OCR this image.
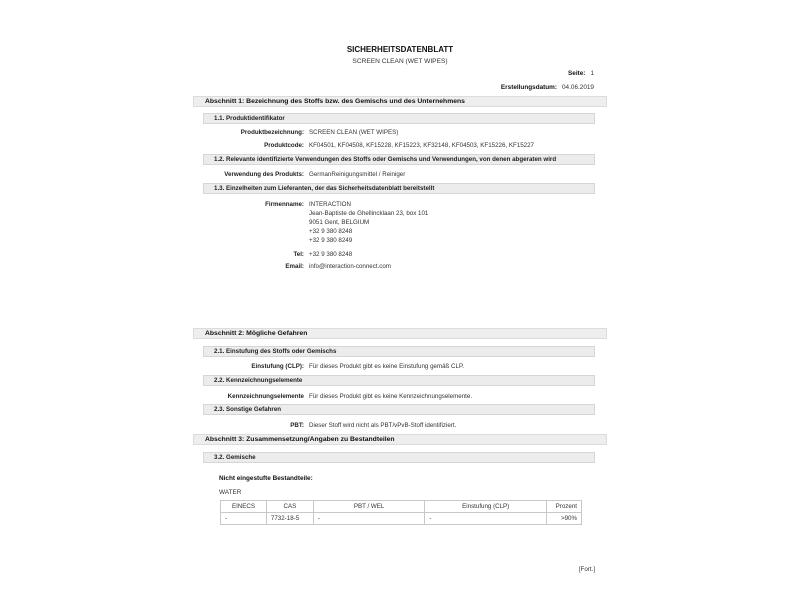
SICHERHEITSDATENBLATT
SCREEN CLEAN (WET WIPES)
Seite: 1
Erstellungsdatum: 04.06.2019
Abschnitt 1: Bezeichnung des Stoffs bzw. des Gemischs und des Unternehmens
1.1. Produktidentifikator
Produktbezeichnung: SCREEN CLEAN (WET WIPES)
Produktcode: KF04501, KF04508, KF15228, KF15223, KF32148, KF04503, KF15226, KF15227
1.2. Relevante identifizierte Verwendungen des Stoffs oder Gemischs und Verwendungen, von denen abgeraten wird
Verwendung des Produkts: GermanReinigungsmittel / Reiniger
1.3. Einzelheiten zum Lieferanten, der das Sicherheitsdatenblatt bereitstellt
Firmenname: INTERACTION
Jean-Baptiste de Ghellincklaan 23, box 101
9051 Gent, BELGIUM
+32 9 380 8248
+32 9 380 8249
Tel: +32 9 380 8248
Email: info@interaction-connect.com
Abschnitt 2: Mögliche Gefahren
2.1. Einstufung des Stoffs oder Gemischs
Einstufung (CLP): Für dieses Produkt gibt es keine Einstufung gemäß CLP.
2.2. Kennzeichnungselemente
Kennzeichnungselemente Für dieses Produkt gibt es keine Kennzeichnungselemente.
2.3. Sonstige Gefahren
PBT: Dieser Stoff wird nicht als PBT/vPvB-Stoff identifiziert.
Abschnitt 3: Zusammensetzung/Angaben zu Bestandteilen
3.2. Gemische
Nicht eingestufte Bestandteile:
WATER
EINECS	CAS	PBT / WEL	Einstufung (CLP)	Prozent
-	7732-18-5	-	-	>90%
[Fort.]
